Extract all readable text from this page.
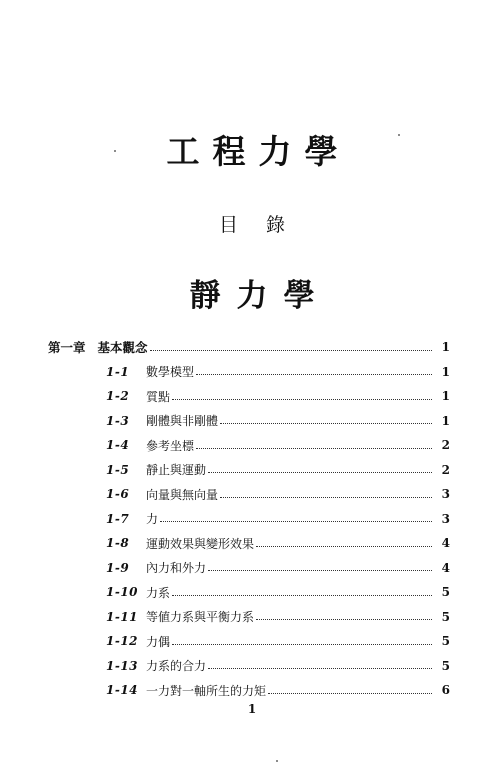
工程力學
目錄
靜力學
第一章 基本觀念	1
1-1	數學模型	1
1-2	質點	1
1-3	剛體與非剛體	1
1-4	參考坐標	2
1-5	靜止與運動	2
1-6	向量與無向量	3
1-7	力	3
1-8	運動效果與變形效果	4
1-9	內力和外力	4
1-10 力系	5
1-11 等値力系與平衡力系	5
1-12 力偶	5
1-13 力系的合力	5
1-14 一力對一軸所生的力矩	6
1
